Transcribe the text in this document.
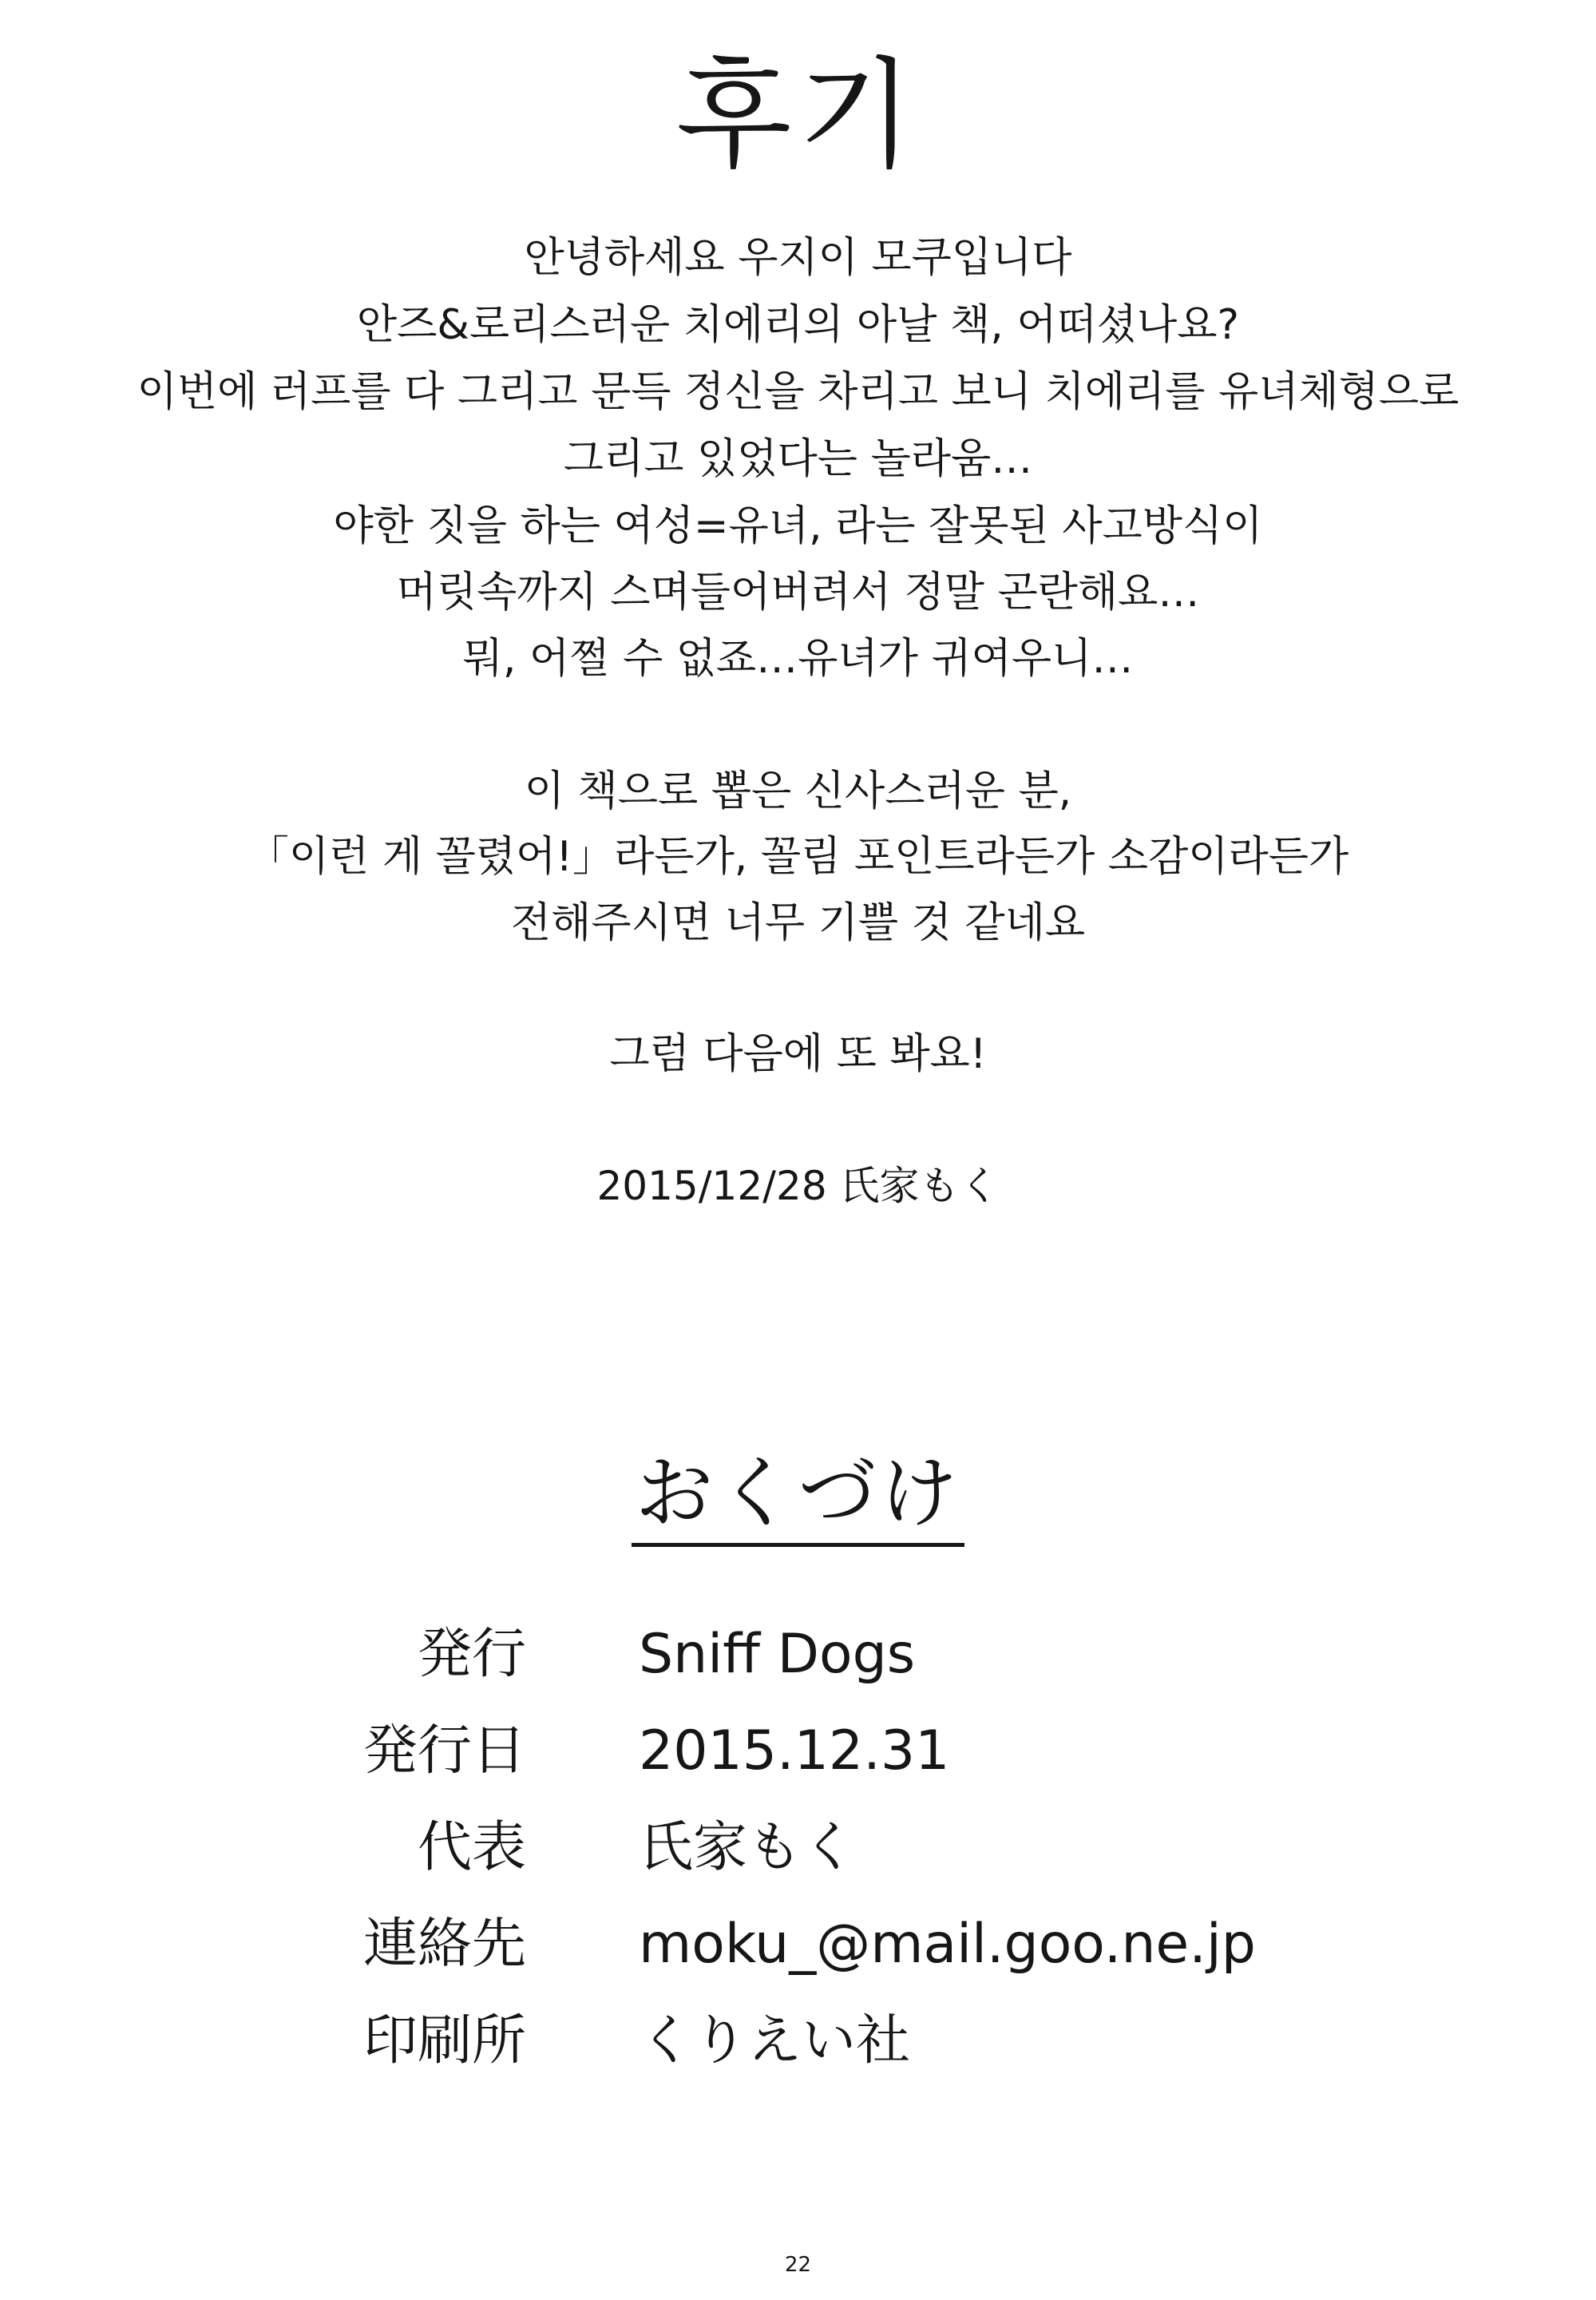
후기
안녕하세요 우지이 모쿠입니다
안즈&로리스러운 치에리의 아날 책, 어떠셨나요?
이번에 러프를 다 그리고 문득 정신을 차리고 보니 치에리를 유녀체형으로
그리고 있었다는 놀라움…
야한 짓을 하는 여성=유녀, 라는 잘못된 사고방식이
머릿속까지 스며들어버려서 정말 곤란해요…
뭐, 어쩔 수 없죠…유녀가 귀여우니…
이 책으로 뽑은 신사스러운 분,
「이런 게 꼴렸어!」라든가, 꼴림 포인트라든가 소감이라든가
전해주시면 너무 기쁠 것 같네요
그럼 다음에 또 봐요!
2015/12/28 氏家もく
おくづけ
発行 Sniff Dogs
発行日 2015.12.31
代表 氏家もく
連絡先 moku_@mail.goo.ne.jp
印刷所 くりえい社
22
